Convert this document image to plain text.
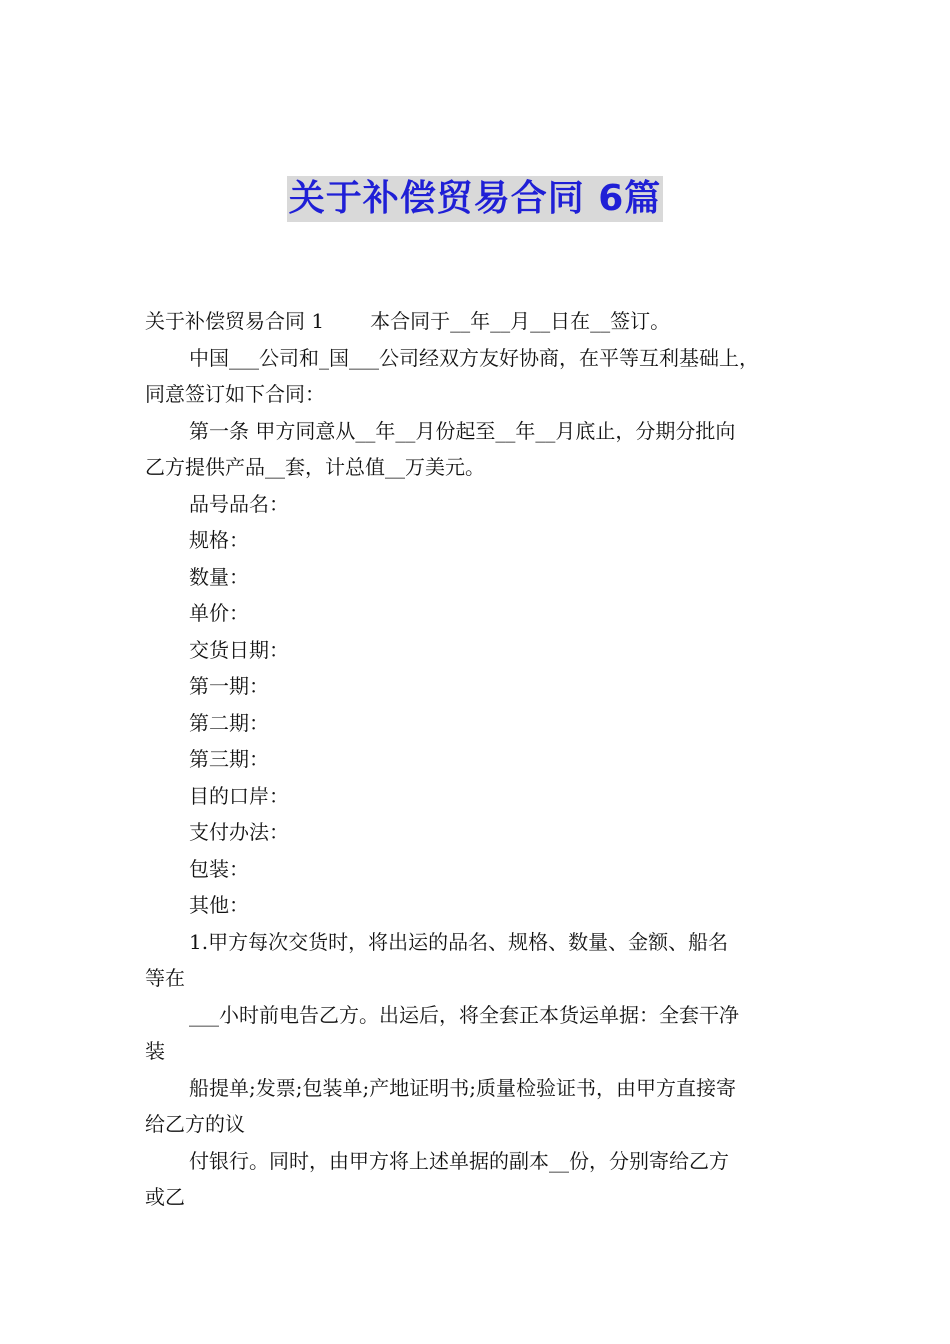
关于补偿贸易合同 6篇

关于补偿贸易合同 1 本合同于__年__月__日在__签订。

中国___公司和_国___公司经双方友好协商，在平等互利基础上，

同意签订如下合同：

第一条 甲方同意从__年__月份起至__年__月底止，分期分批向

乙方提供产品__套，计总值__万美元。

品号品名：

规格：

数量：

单价：

交货日期：

第一期：

第二期：

第三期：

目的口岸：

支付办法：

包装：

其他：

1.甲方每次交货时，将出运的品名、规格、数量、金额、船名

等在

___小时前电告乙方。出运后，将全套正本货运单据：全套干净

装

船提单;发票;包装单;产地证明书;质量检验证书，由甲方直接寄

给乙方的议

付银行。同时，由甲方将上述单据的副本__份，分别寄给乙方

或乙
